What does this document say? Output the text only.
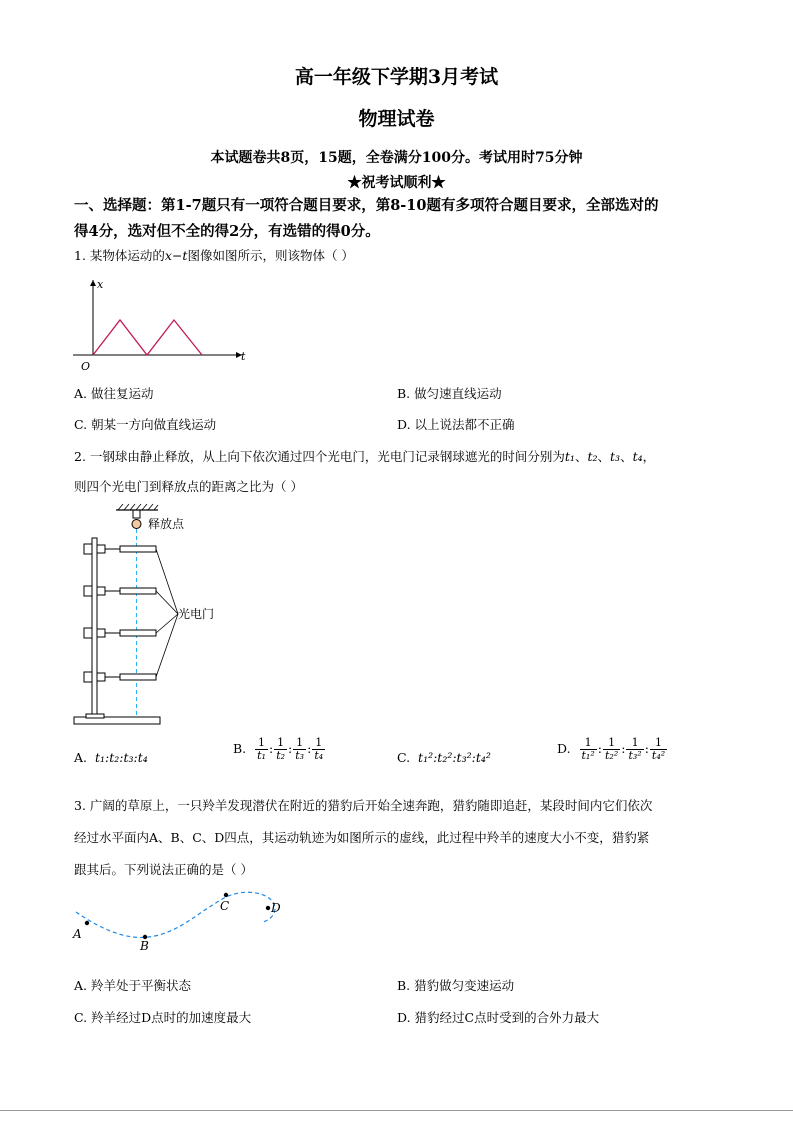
高一年级下学期3月考试
物理试卷
本试题卷共8页，15题，全卷满分100分。考试用时75分钟
★祝考试顺利★
一、选择题：第1-7题只有一项符合题目要求，第8-10题有多项符合题目要求，全部选对的
得4分，选对但不全的得2分，有选错的得0分。
1. 某物体运动的x−t图像如图所示，则该物体（ ）
x
t
O
A. 做往复运动	B. 做匀速直线运动
C. 朝某一方向做直线运动	D. 以上说法都不正确
2. 一钢球由静止释放，从上向下依次通过四个光电门，光电门记录钢球遮光的时间分别为t₁、t₂、t₃、t₄，
则四个光电门到释放点的距离之比为（ ）
释放点
光电门
A. t₁:t₂:t₃:t₄
B. $\frac{1}{\text{t₁}}$ : $\frac{1}{\text{t₂}}$ : $\frac{1}{\text{t₃}}$ : $\frac{1}{\text{t₄}}$	C. t₁²:t₂²:t₃²:t₄²
D. $\frac{1}{\text{t₁²}}$ : $\frac{1}{\text{t₂²}}$ : $\frac{1}{\text{t₃²}}$ : $\frac{1}{\text{t₄²}}$
3. 广阔的草原上，一只羚羊发现潜伏在附近的猎豹后开始全速奔跑，猎豹随即追赶，某段时间内它们依次
经过水平面内A、B、C、D四点，其运动轨迹为如图所示的虚线，此过程中羚羊的速度大小不变，猎豹紧
跟其后。下列说法正确的是（ ）
A
B
C	D
A. 羚羊处于平衡状态	B. 猎豹做匀变速运动
C. 羚羊经过D点时的加速度最大	D. 猎豹经过C点时受到的合外力最大
